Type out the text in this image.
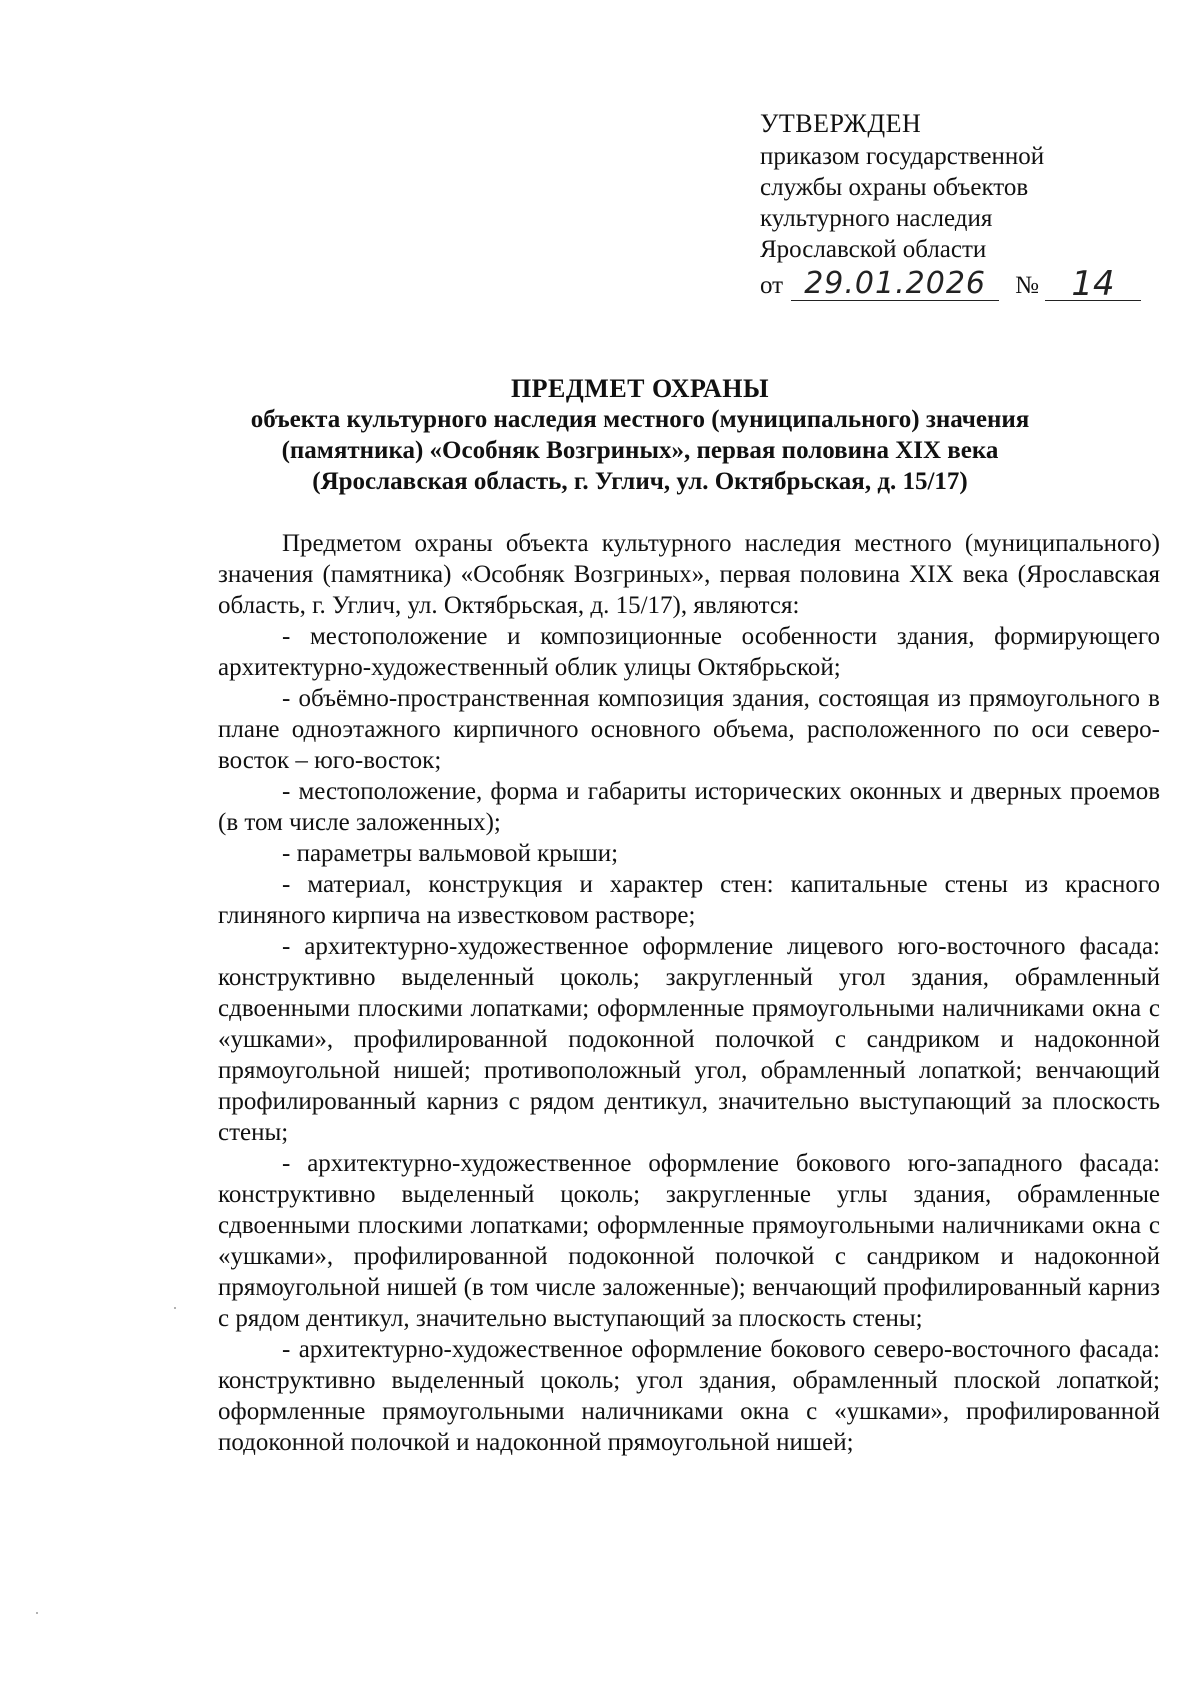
УТВЕРЖДЕН
приказом государственной
службы охраны объектов
культурного наследия
Ярославской области
от 29.01.2026	№ 14
ПРЕДМЕТ ОХРАНЫ
объекта культурного наследия местного (муниципального) значения
(памятника) «Особняк Возгриных», первая половина XIX века
(Ярославская область, г. Углич, ул. Октябрьская, д. 15/17)

Предметом охраны объекта культурного наследия местного (муниципального) значения (памятника) «Особняк Возгриных», первая половина XIX века (Ярославская область, г. Углич, ул. Октябрьская, д. 15/17), являются:

- местоположение и композиционные особенности здания, формирующего архитектурно-художественный облик улицы Октябрьской;

- объёмно-пространственная композиция здания, состоящая из прямоугольного в плане одноэтажного кирпичного основного объема, расположенного по оси северо-восток – юго-восток;

- местоположение, форма и габариты исторических оконных и дверных проемов (в том числе заложенных);

- параметры вальмовой крыши;

- материал, конструкция и характер стен: капитальные стены из красного глиняного кирпича на известковом растворе;

- архитектурно-художественное оформление лицевого юго-восточного фасада: конструктивно выделенный цоколь; закругленный угол здания, обрамленный сдвоенными плоскими лопатками; оформленные прямоугольными наличниками окна с «ушками», профилированной подоконной полочкой с сандриком и надоконной прямоугольной нишей; противоположный угол, обрамленный лопаткой; венчающий профилированный карниз с рядом дентикул, значительно выступающий за плоскость стены;

- архитектурно-художественное оформление бокового юго-западного фасада: конструктивно выделенный цоколь; закругленные углы здания, обрамленные сдвоенными плоскими лопатками; оформленные прямоугольными наличниками окна с «ушками», профилированной подоконной полочкой с сандриком и надоконной прямоугольной нишей (в том числе заложенные); венчающий профилированный карниз с рядом дентикул, значительно выступающий за плоскость стены;

- архитектурно-художественное оформление бокового северо-восточного фасада: конструктивно выделенный цоколь; угол здания, обрамленный плоской лопаткой; оформленные прямоугольными наличниками окна с «ушками», профилированной подоконной полочкой и надоконной прямоугольной нишей;
